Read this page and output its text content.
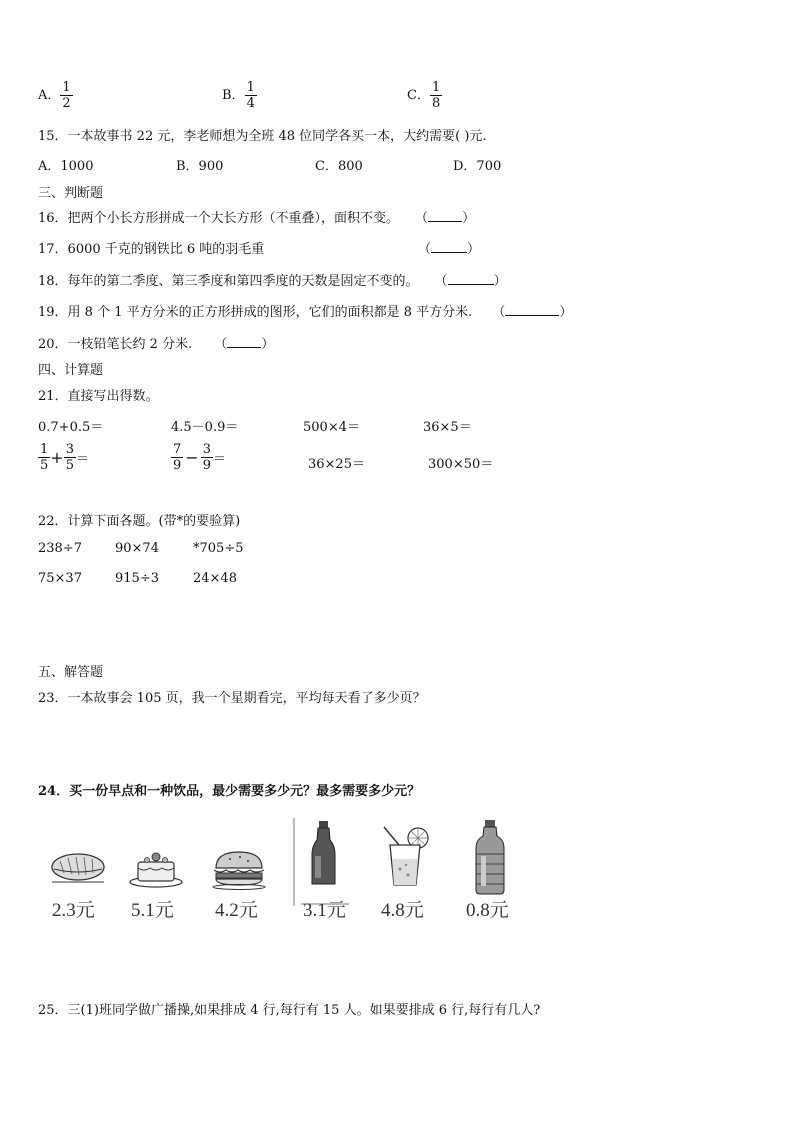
A． $\frac{1}{2}$	B． $\frac{1}{4}$	C． $\frac{1}{8}$
15．一本故事书 22 元，李老师想为全班 48 位同学各买一本，大约需要( )元.
A．1000	B．900	C．800	D．700
三、判断题
16．把两个小长方形拼成一个大长方形（不重叠），面积不变。 （	）
17．6000 千克的钢铁比 6 吨的羽毛重	（	）
18．每年的第二季度、第三季度和第四季度的天数是固定不变的。 （	）
19．用 8 个 1 平方分米的正方形拼成的图形，它们的面积都是 8 平方分米. （	）
20．一枝铅笔长约 2 分米. （	）
四、计算题
21．直接写出得数。
0.7+0.5＝	4.5－0.9＝	500×4＝	36×5＝
$\frac{1}{5} + \frac{3}{5}$ ＝	$\frac{7}{9} - \frac{3}{9}$ ＝	36×25＝	300×50＝
22．计算下面各题。(带*的要验算)
238÷7	90×74	*705÷5
75×37	915÷3	24×48
五、解答题
23．一本故事会 105 页，我一个星期看完，平均每天看了多少页？
24．买一份早点和一种饮品，最少需要多少元？最多需要多少元？
2.3元 5.1元 4.2元 3.1元 4.8元 0.8元
25．三(1)班同学做广播操,如果排成 4 行,每行有 15 人。如果要排成 6 行,每行有几人?
